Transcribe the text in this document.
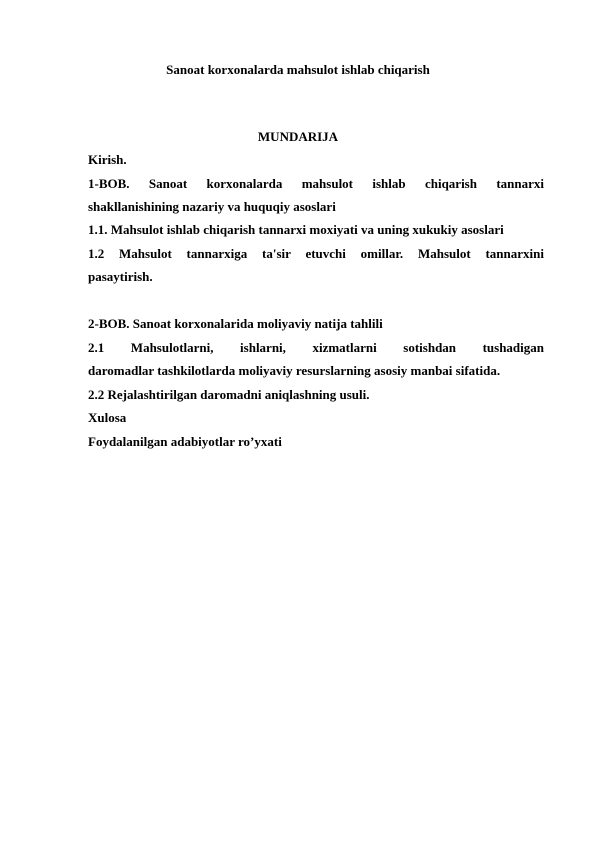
Sanoat korxonalarda mahsulot ishlab chiqarish
MUNDARIJA
Kirish.
1-BOB. Sanoat korxonalarda mahsulot ishlab chiqarish tannarxi
shakllanishining nazariy va huquqiy asoslari
1.1. Mahsulot ishlab chiqarish tannarxi moxiyati va uning xukukiy asoslari
1.2 Mahsulot tannarxiga ta'sir etuvchi omillar. Mahsulot tannarxini
pasaytirish.
2-BOB. Sanoat korxonalarida moliyaviy natija tahlili
2.1 Mahsulotlarni, ishlarni, xizmatlarni sotishdan tushadigan
daromadlar tashkilotlarda moliyaviy resurslarning asosiy manbai sifatida.
2.2 Rejalashtirilgan daromadni aniqlashning usuli.
Xulosa
Foydalanilgan adabiyotlar ro’yxati
